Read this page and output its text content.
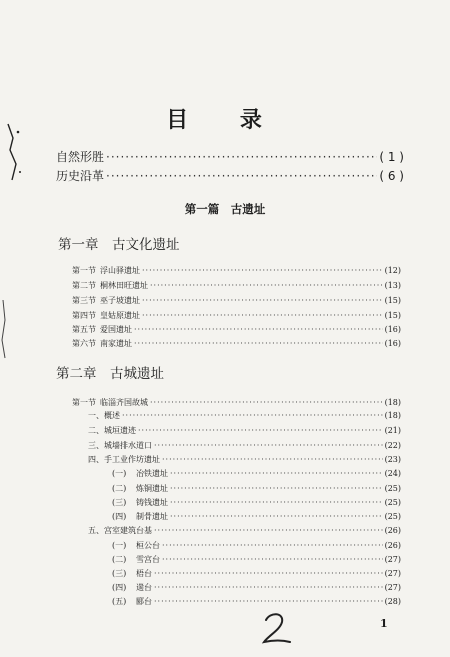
目 录
自然形胜 ·····	( 1 )
历史沿革 ·····	( 6 )
第一篇　古遗址
第一章　古文化遗址
第一节 浮山驿遗址 ·····	(12)
第二节 桐林田旺遗址 ·····	(13)
第三节 巫子坡遗址 ·····	(15)
第四节 皇姑原遗址 ·····	(15)
第五节 爱国遗址 ·····	(16)
第六节 南家遗址 ·····	(16)
第二章　古城遗址
第一节 临淄齐国故城 ·····	(18)
一、概述 ·····	(18)
二、城垣遗迹 ·····	(21)
三、城墙排水道口 ·····	(22)
四、手工业作坊遗址 ·····	(23)
(一) 冶铁遗址 ·····	(24)
(二) 炼铜遗址 ·····	(25)
(三) 铸钱遗址 ·····	(25)
(四) 制骨遗址 ·····	(25)
五、宫室建筑台基 ·····	(26)
(一) 桓公台 ·····	(26)
(二) 雪宫台 ·····	(27)
(三) 梧台 ·····	(27)
(四) 遄台 ·····	(27)
(五) 郾台 ·····	(28)
1
